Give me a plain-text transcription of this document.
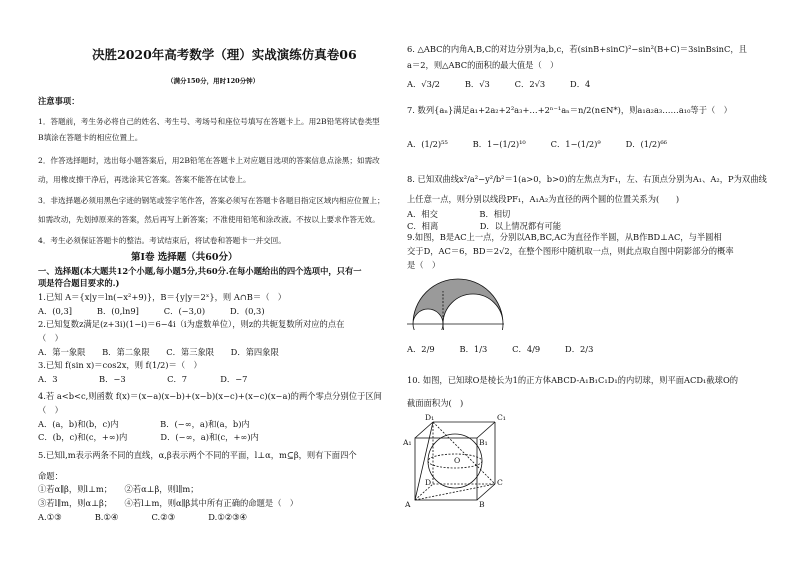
决胜2020年高考数学（理）实战演练仿真卷06
（满分150分，用时120分钟）
注意事项：
1．答题前，考生务必将自己的姓名、考生号、考场号和座位号填写在答题卡上。用2B铅笔将试卷类型
B填涂在答题卡的相应位置上。
2．作答选择题时，选出每小题答案后，用2B铅笔在答题卡上对应题目选项的答案信息点涂黑；如需改
动，用橡皮擦干净后，再选涂其它答案。答案不能答在试卷上。
3．非选择题必须用黑色字迹的钢笔或签字笔作答，答案必须写在答题卡各题目指定区域内相应位置上；
如需改动，先划掉原来的答案，然后再写上新答案；不准使用铅笔和涂改液。不按以上要求作答无效。
4．考生必须保证答题卡的整洁。考试结束后，将试卷和答题卡一并交回。
第Ⅰ卷 选择题（共60分）
一、选择题(本大题共12个小题,每小题5分,共60分.在每小题给出的四个选项中，只有一
项是符合题目要求的.)
1.已知 A＝{x|y＝ln(−x²+9)}，B＝{y|y＝2ˣ}，则 A∩B＝（　）
A．(0,3]　　　B．(0,ln9]　　　C．(−3,0)　　　D．(0,3)
2.已知复数z满足(z+3i)(1−i)＝6−4i（i为虚数单位），则z的共轭复数所对应的点在
（　）
A．第一象限　　B．第二象限　　C．第三象限　　D．第四象限
3.已知 f(sin x)＝cos2x，则 f(1/2)＝（　）
A．3　　　　　B．−3　　　　　C．7　　　　D．−7
4.若 a<b<c,则函数 f(x)＝(x−a)(x−b)+(x−b)(x−c)+(x−c)(x−a)的两个零点分别位于区间
（　）
A．(a，b)和(b，c)内　　　　　B．(−∞，a)和(a，b)内
C．(b，c)和(c，+∞)内　　　　D．(−∞，a)和(c，+∞)内
5.已知l,m表示两条不同的直线，α,β表示两个不同的平面，l⊥α，m⊆β，则有下面四个
命题：
①若α∥β，则l⊥m；　　②若α⊥β，则l∥m；
③若l∥m，则α⊥β；　　④若l⊥m，则α∥β其中所有正确的命题是（　）
A.①③　　　　B.①④　　　　C.②③　　　　D.①②③④
6. △ABC的内角A,B,C的对边分别为a,b,c，若(sinB+sinC)²−sin²(B+C)＝3sinBsinC，且
a＝2，则△ABC的面积的最大值是（　）
A．√3/2　　　B．√3　　　C．2√3　　　D．4
7. 数列{aₙ}满足a₁+2a₂+2²a₃+…+2ⁿ⁻¹aₙ＝n/2(n∈N*)，则a₁a₂a₃……a₁₀等于（　）
A．(1/2)⁵⁵　　　B．1−(1/2)¹⁰　　　C．1−(1/2)⁹　　　D．(1/2)⁶⁶
8. 已知双曲线x²/a²−y²/b²＝1(a>0，b>0)的左焦点为F₁，左、右顶点分别为A₁、A₂，P为双曲线
上任意一点，则分别以线段PF₁，A₁A₂为直径的两个圆的位置关系为(　　)
A．相交　　　　　B．相切
C．相离　　　　　D．以上情况都有可能
9.如图，B是AC上一点，分别以AB,BC,AC为直径作半圆，从B作BD⊥AC，与半圆相
交于D，AC＝6，BD＝2√2，在整个图形中随机取一点，则此点取自图中阴影部分的概率
是（　）
A．2/9　　　B．1/3　　　C．4/9　　　D．2/3
10. 如图，已知球O是棱长为1的正方体ABCD-A₁B₁C₁D₁的内切球，则平面ACD₁截球O的
截面面积为(　)
D₁	C₁
A₁	B₁
O
D	C
A	B
